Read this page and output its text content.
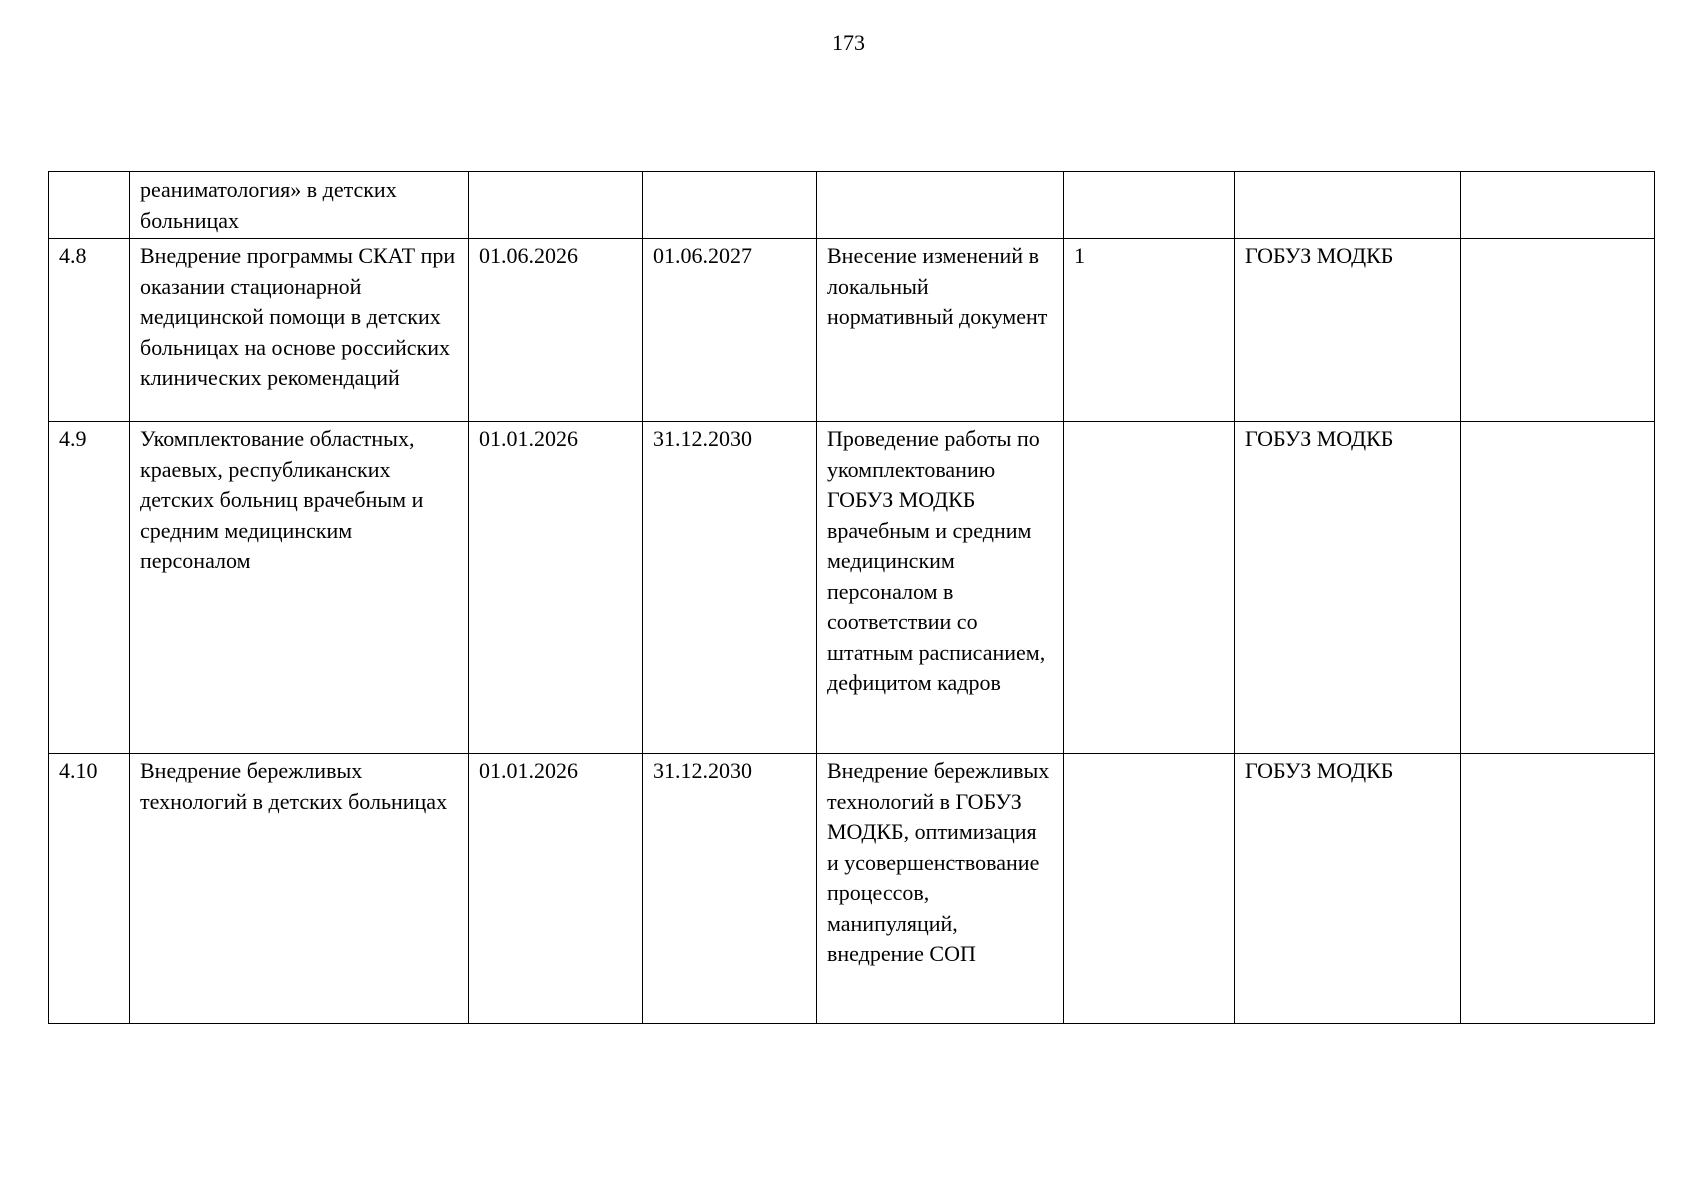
173
	реаниматология» в детских больницах						
4.8	Внедрение программы СКАТ при оказании стационарной медицинской помощи в детских больницах на основе российских клинических рекомендаций	01.06.2026	01.06.2027	Внесение изменений в локальный нормативный документ	1	ГОБУЗ МОДКБ	
4.9	Укомплектование областных, краевых, республиканских детских больниц врачебным и средним медицинским персоналом	01.01.2026	31.12.2030	Проведение работы по укомплектованию ГОБУЗ МОДКБ врачебным и средним медицинским персоналом в соответствии со штатным расписанием, дефицитом кадров		ГОБУЗ МОДКБ	
4.10	Внедрение бережливых технологий в детских больницах	01.01.2026	31.12.2030	Внедрение бережливых технологий в ГОБУЗ МОДКБ, оптимизация и усовершенствование процессов, манипуляций, внедрение СОП		ГОБУЗ МОДКБ	
